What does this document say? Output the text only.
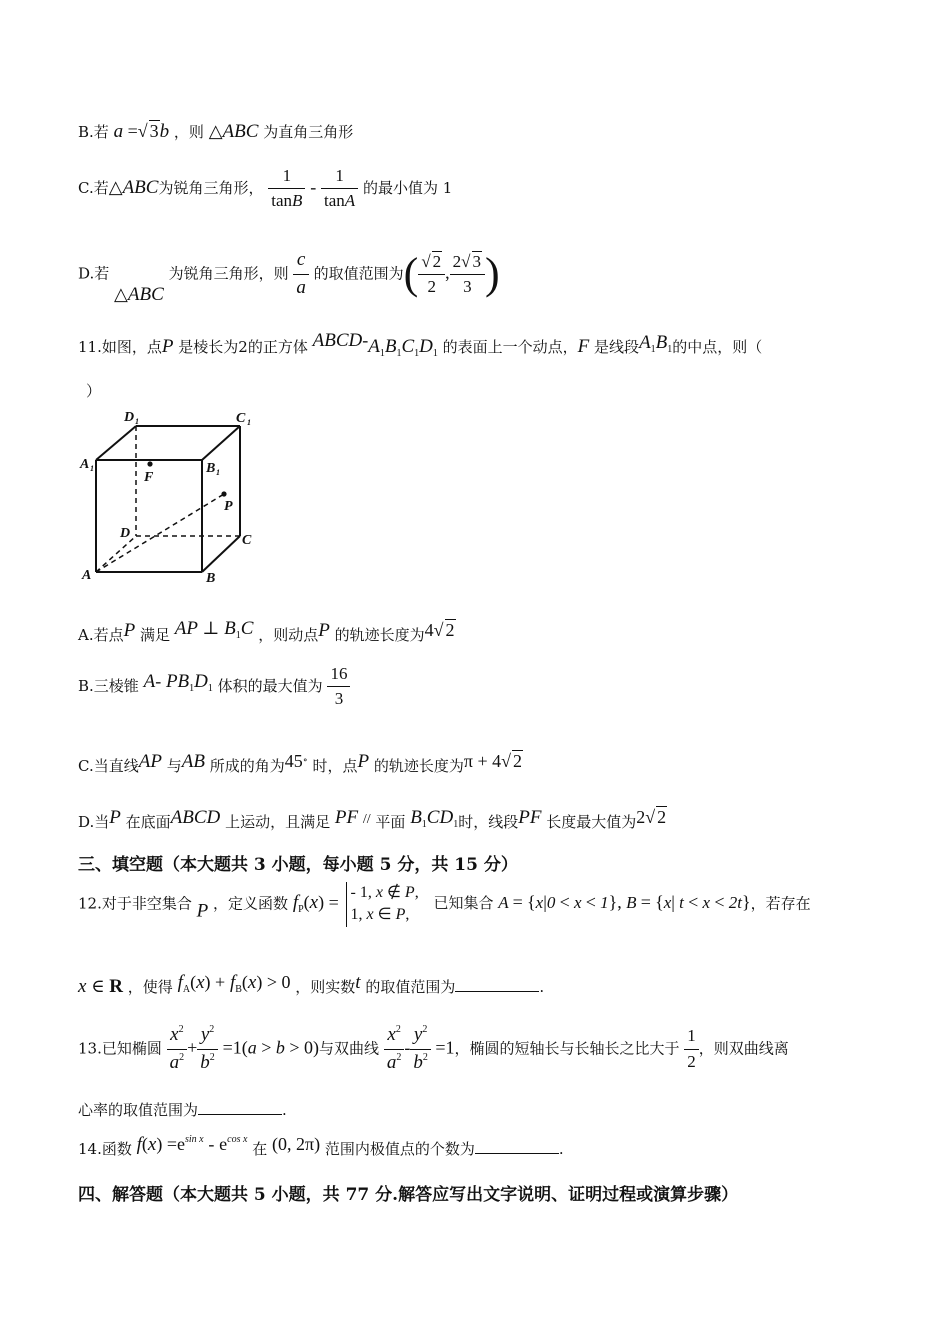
B.若 a =√ 3b ，则 △ABC 为直角三角形
C.若△ABC为锐角三角形， $\frac{1}{\tan B} - \frac{1}{\tan A}$ 的最小值为 1
D.若 △ABC 为锐角三角形，则 $\frac{c}{a}$ 的取值范围为( $\frac{√ 2}{2}$ , $\frac{2√ 3}{3}$ )
11.如图，点P 是棱长为2的正方体 ABCD-$A_1B_1C_1D_1$ 的表面上一个动点，F 是线段$A_1B_1$的中点，则（
）
D 1	C 1
A 1	B 1
F
P
D	C
A	B
A.若点P 满足 AP ⊥ $B_1C$ ，则动点P 的轨迹长度为4√ 2
B.三棱锥 A- $PB_1D_1$ 体积的最大值为 $\frac{16}{3}$
C.当直线AP 与AB 所成的角为45∘ 时，点P 的轨迹长度为π + 4√ 2
D.当P 在底面ABCD 上运动，且满足 PF // 平面 $B_1CD_1$时，线段PF 长度最大值为2√ 2
三、填空题（本大题共 3 小题，每小题 5 分，共 15 分）
12.对于非空集合 P ，定义函数 $f_P(x)$ = - 1, x ∉ P,
1, x ∈ P,
已知集合 A = {x|0 < x < 1}, B = {x| t < x < 2t}，若存在
x ∈ R ，使得 $f_A(x) + f_B(x) > 0$ ，则实数t 的取值范围为	.
13.已知椭圆 $\frac{x^2}{a^2} + \frac{y^2}{b^2} =1(a > b > 0)$与双曲线 $\frac{x^2}{a^2} - \frac{y^2}{b^2} =1$，椭圆的短轴长与长轴长之比大于 $\frac{1}{2}$ ，则双曲线离
心率的取值范围为	.
14.函数 $f(x) =e^{sin x} - e^{cos x}$ 在 (0, 2π) 范围内极值点的个数为	.
四、解答题（本大题共 5 小题，共 77 分.解答应写出文字说明、证明过程或演算步骤）
